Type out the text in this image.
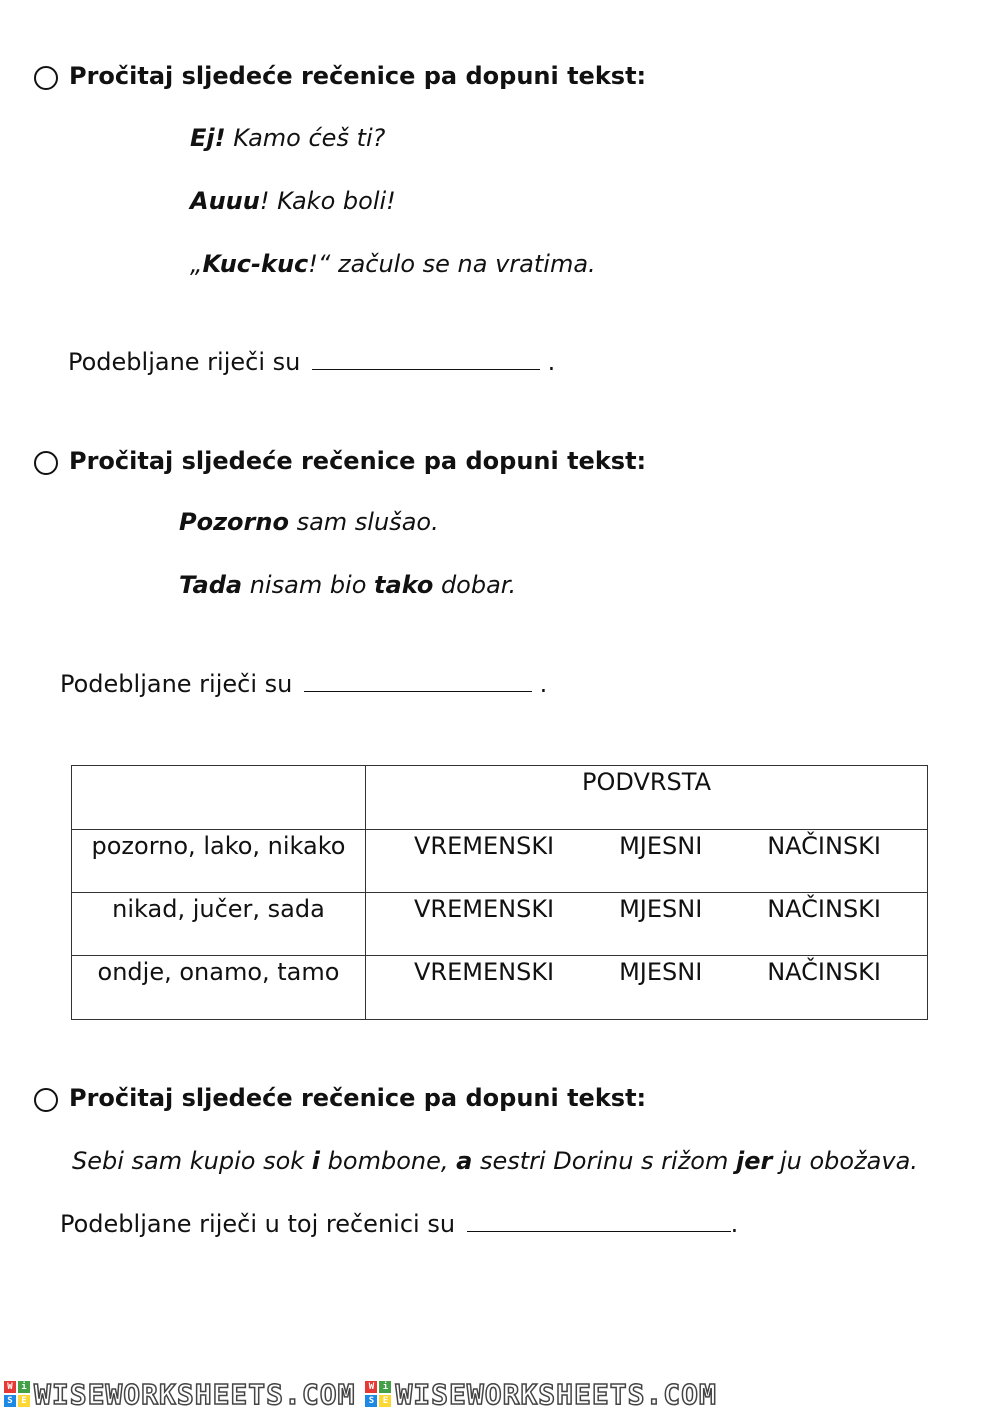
Pročitaj sljedeće rečenice pa dopuni tekst:
Ej! Kamo ćeš ti?
Auuu! Kako boli!
„Kuc-kuc!“ začulo se na vratima.
Podebljane riječi su	.
Pročitaj sljedeće rečenice pa dopuni tekst:
Pozorno sam slušao.
Tada nisam bio tako dobar.
Podebljane riječi su	.
	PODVRSTA
pozorno, lako, nikako	VREMENSKI MJESNI NAČINSKI

nikad, jučer, sada	VREMENSKI MJESNI NAČINSKI

ondje, onamo, tamo	VREMENSKI MJESNI NAČINSKI
Pročitaj sljedeće rečenice pa dopuni tekst:
Sebi sam kupio sok i bombone, a sestri Dorinu s rižom jer ju obožava.
Podebljane riječi u toj rečenici su	.
W i
S E WISEWORKSHEETS.COM	W i
S E WISEWORKSHEETS.COM
